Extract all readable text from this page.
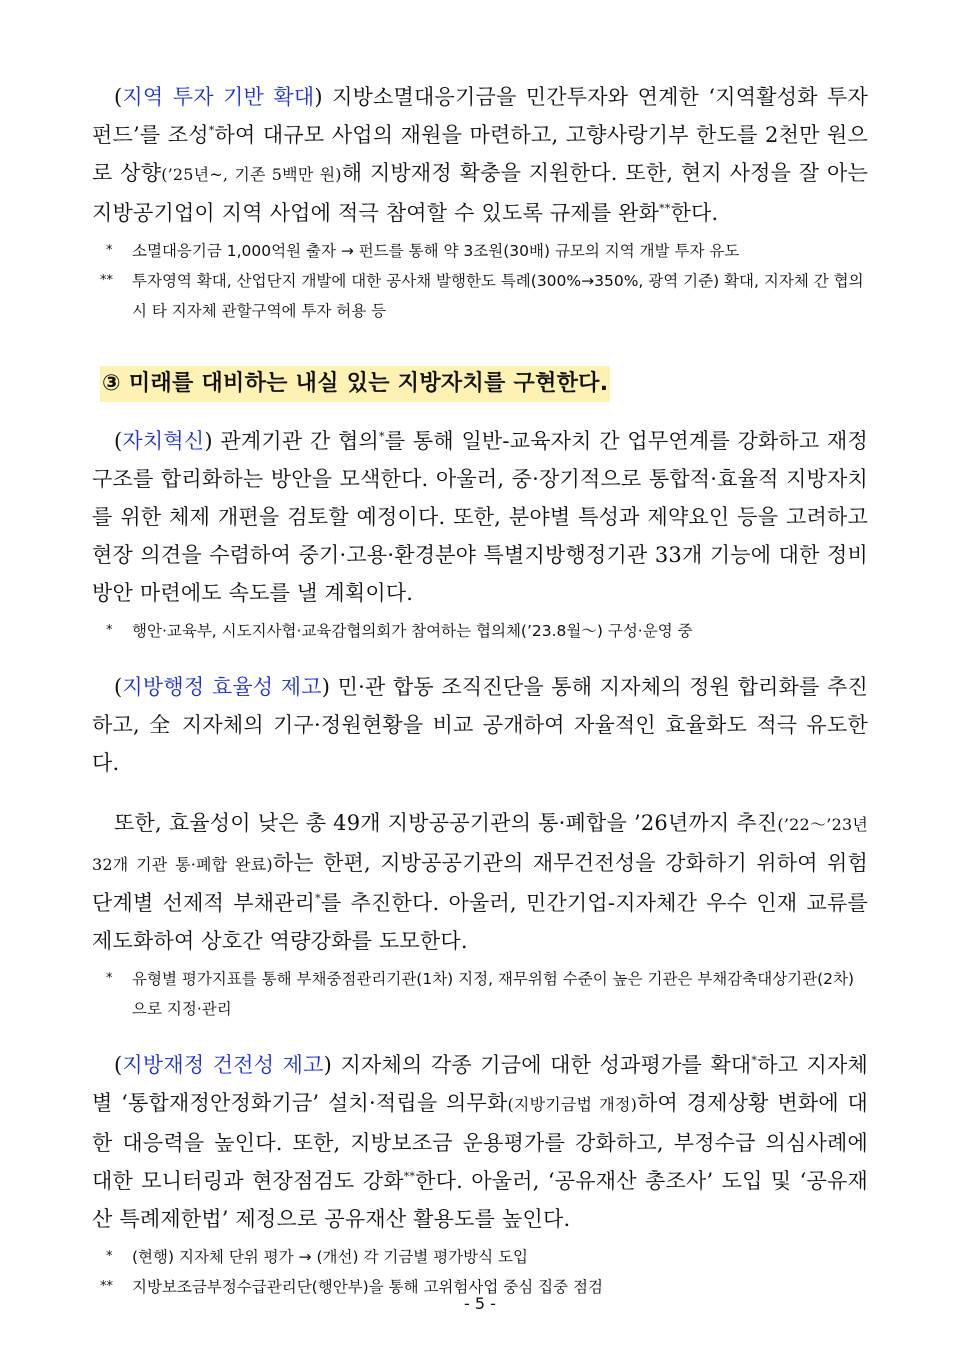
(지역 투자 기반 확대) 지방소멸대응기금을 민간투자와 연계한 ‘지역활성화 투자펀드’를 조성*하여 대규모 사업의 재원을 마련하고, 고향사랑기부 한도를 2천만 원으로 상향(’25년~, 기존 5백만 원)해 지방재정 확충을 지원한다. 또한, 현지 사정을 잘 아는 지방공기업이 지역 사업에 적극 참여할 수 있도록 규제를 완화**한다.

* 소멸대응기금 1,000억원 출자 → 펀드를 통해 약 3조원(30배) 규모의 지역 개발 투자 유도

** 투자영역 확대, 산업단지 개발에 대한 공사채 발행한도 특례(300%→350%, 광역 기준) 확대, 지자체 간 협의 시 타 지자체 관할구역에 투자 허용 등

③ 미래를 대비하는 내실 있는 지방자치를 구현한다.

(자치혁신) 관계기관 간 협의*를 통해 일반-교육자치 간 업무연계를 강화하고 재정구조를 합리화하는 방안을 모색한다. 아울러, 중·장기적으로 통합적·효율적 지방자치를 위한 체제 개편을 검토할 예정이다. 또한, 분야별 특성과 제약요인 등을 고려하고 현장 의견을 수렴하여 중기·고용·환경분야 특별지방행정기관 33개 기능에 대한 정비방안 마련에도 속도를 낼 계획이다.

* 행안·교육부, 시도지사협·교육감협의회가 참여하는 협의체(’23.8월～) 구성·운영 중

(지방행정 효율성 제고) 민·관 합동 조직진단을 통해 지자체의 정원 합리화를 추진하고, 全 지자체의 기구·정원현황을 비교 공개하여 자율적인 효율화도 적극 유도한다.

또한, 효율성이 낮은 총 49개 지방공공기관의 통·폐합을 ’26년까지 추진(’22～’23년 32개 기관 통·폐합 완료)하는 한편, 지방공공기관의 재무건전성을 강화하기 위하여 위험 단계별 선제적 부채관리*를 추진한다. 아울러, 민간기업-지자체간 우수 인재 교류를 제도화하여 상호간 역량강화를 도모한다.

* 유형별 평가지표를 통해 부채중점관리기관(1차) 지정, 재무위험 수준이 높은 기관은 부채감축대상기관(2차)으로 지정·관리

(지방재정 건전성 제고) 지자체의 각종 기금에 대한 성과평가를 확대*하고 지자체별 ‘통합재정안정화기금’ 설치·적립을 의무화(지방기금법 개정)하여 경제상황 변화에 대한 대응력을 높인다. 또한, 지방보조금 운용평가를 강화하고, 부정수급 의심사례에 대한 모니터링과 현장점검도 강화**한다. 아울러, ‘공유재산 총조사’ 도입 및 ‘공유재산 특례제한법’ 제정으로 공유재산 활용도를 높인다.

* (현행) 지자체 단위 평가 → (개선) 각 기금별 평가방식 도입

** 지방보조금부정수급관리단(행안부)을 통해 고위험사업 중심 집중 점검

- 5 -
